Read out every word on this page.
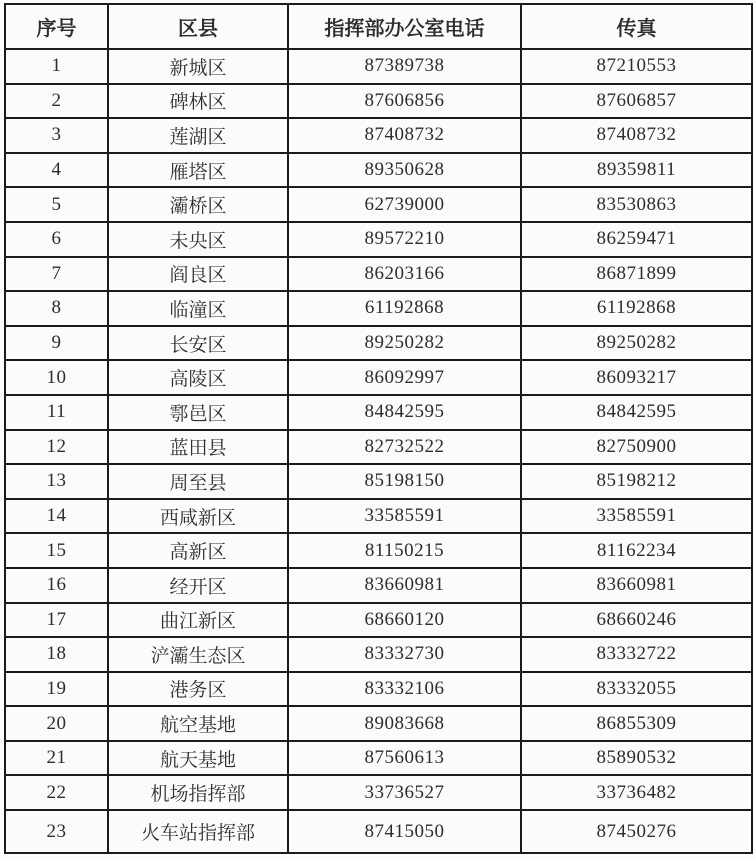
序号	区县	指挥部办公室电话	传真
1	新城区	87389738	87210553
2	碑林区	87606856	87606857
3	莲湖区	87408732	87408732
4	雁塔区	89350628	89359811
5	灞桥区	62739000	83530863
6	未央区	89572210	86259471
7	阎良区	86203166	86871899
8	临潼区	61192868	61192868
9	长安区	89250282	89250282
10	高陵区	86092997	86093217
11	鄠邑区	84842595	84842595
12	蓝田县	82732522	82750900
13	周至县	85198150	85198212
14	西咸新区	33585591	33585591
15	高新区	81150215	81162234
16	经开区	83660981	83660981
17	曲江新区	68660120	68660246
18	浐灞生态区	83332730	83332722
19	港务区	83332106	83332055
20	航空基地	89083668	86855309
21	航天基地	87560613	85890532
22	机场指挥部	33736527	33736482
23	火车站指挥部	87415050	87450276
